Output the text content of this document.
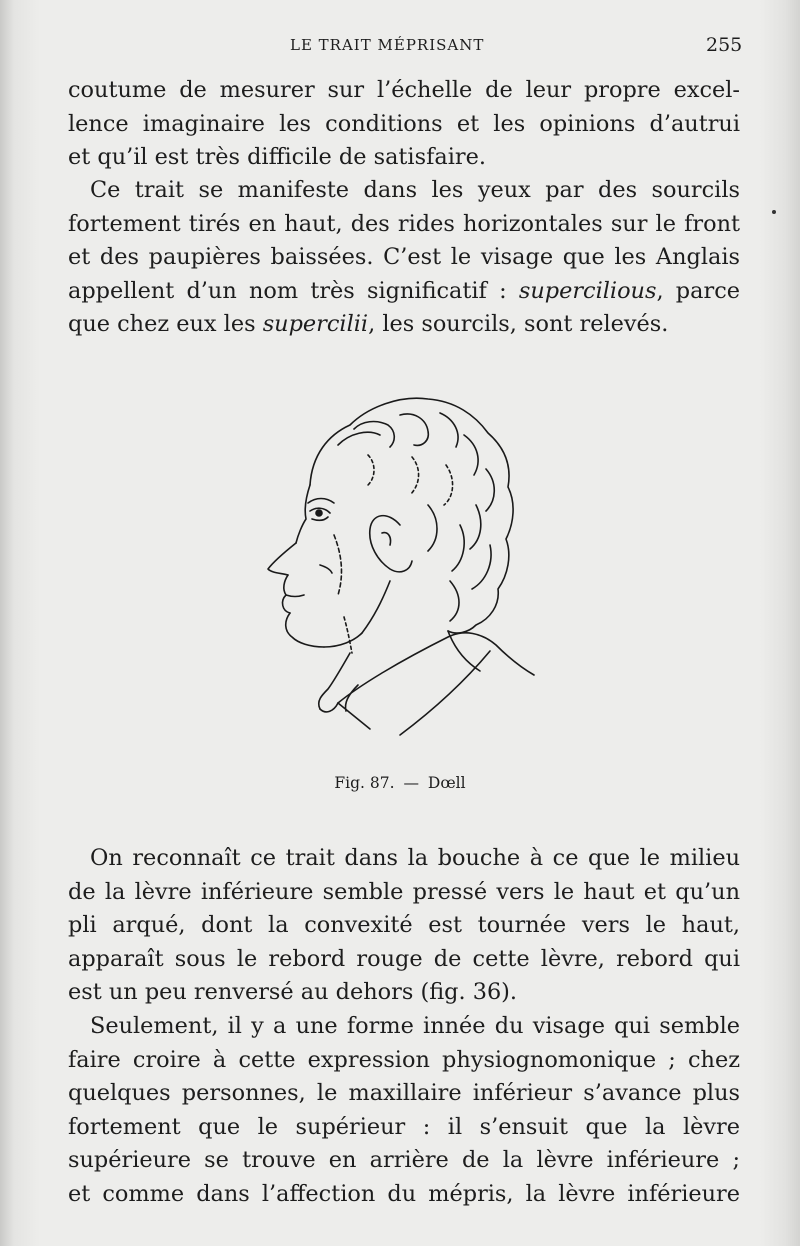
LE TRAIT MÉPRISANT	255
coutume de mesurer sur l’échelle de leur propre excel-
lence imaginaire les conditions et les opinions d’autrui
et qu’il est très difficile de satisfaire.
Ce trait se manifeste dans les yeux par des sourcils
fortement tirés en haut, des rides horizontales sur le front
et des paupières baissées. C’est le visage que les Anglais
appellent d’un nom très significatif : supercilious, parce
que chez eux les supercilii, les sourcils, sont relevés.
Fig. 87. — Dœll
On reconnaît ce trait dans la bouche à ce que le milieu
de la lèvre inférieure semble pressé vers le haut et qu’un
pli arqué, dont la convexité est tournée vers le haut,
apparaît sous le rebord rouge de cette lèvre, rebord qui
est un peu renversé au dehors (fig. 36).
Seulement, il y a une forme innée du visage qui semble
faire croire à cette expression physiognomonique ; chez
quelques personnes, le maxillaire inférieur s’avance plus
fortement que le supérieur : il s’ensuit que la lèvre
supérieure se trouve en arrière de la lèvre inférieure ;
et comme dans l’affection du mépris, la lèvre inférieure
